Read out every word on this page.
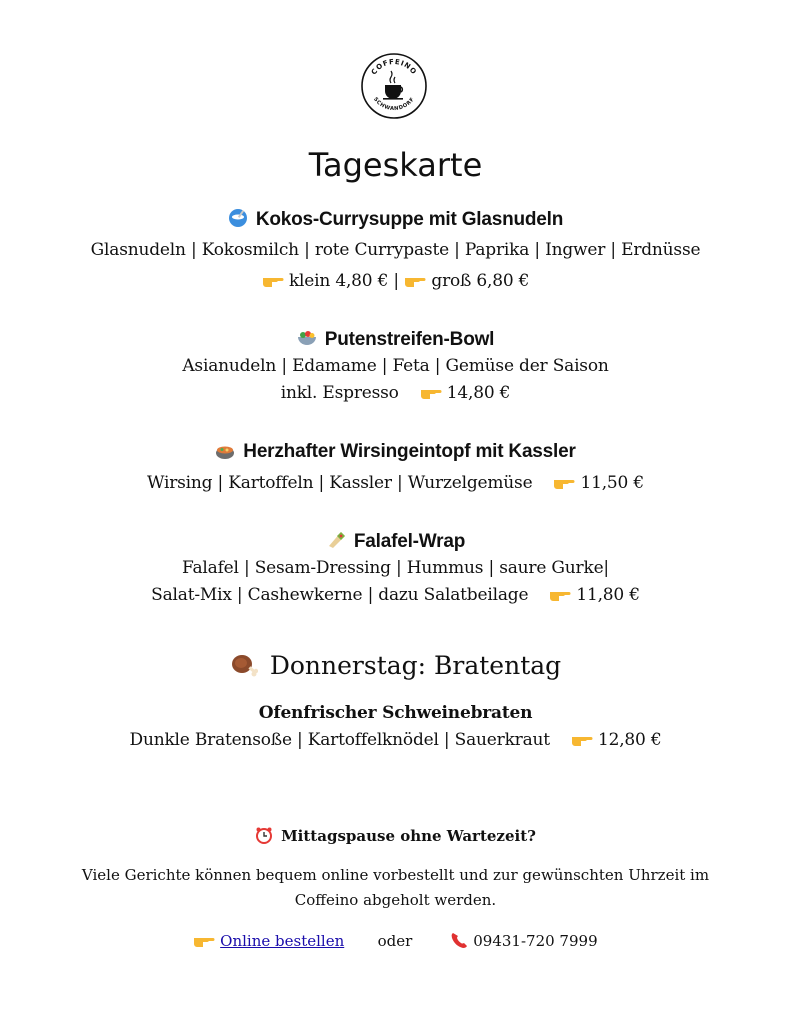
COFFEINO
SCHWANDORF
Tageskarte
Kokos-Currysuppe mit Glasnudeln
Glasnudeln | Kokosmilch | rote Currypaste | Paprika | Ingwer | Erdnüsse
klein 4,80 € | groß 6,80 €
Putenstreifen-Bowl
Asianudeln | Edamame | Feta | Gemüse der Saison
inkl. Espresso	14,80 €
Herzhafter Wirsingeintopf mit Kassler
Wirsing | Kartoffeln | Kassler | Wurzelgemüse	11,50 €
Falafel-Wrap
Falafel | Sesam-Dressing | Hummus | saure Gurke|
Salat-Mix | Cashewkerne | dazu Salatbeilage	11,80 €
Donnerstag: Bratentag
Ofenfrischer Schweinebraten
Dunkle Bratensoße | Kartoffelknödel | Sauerkraut	12,80 €
Mittagspause ohne Wartezeit?
Viele Gerichte können bequem online vorbestellt und zur gewünschten Uhrzeit im
Coffeino abgeholt werden.
Online bestellen oder	09431-720 7999
